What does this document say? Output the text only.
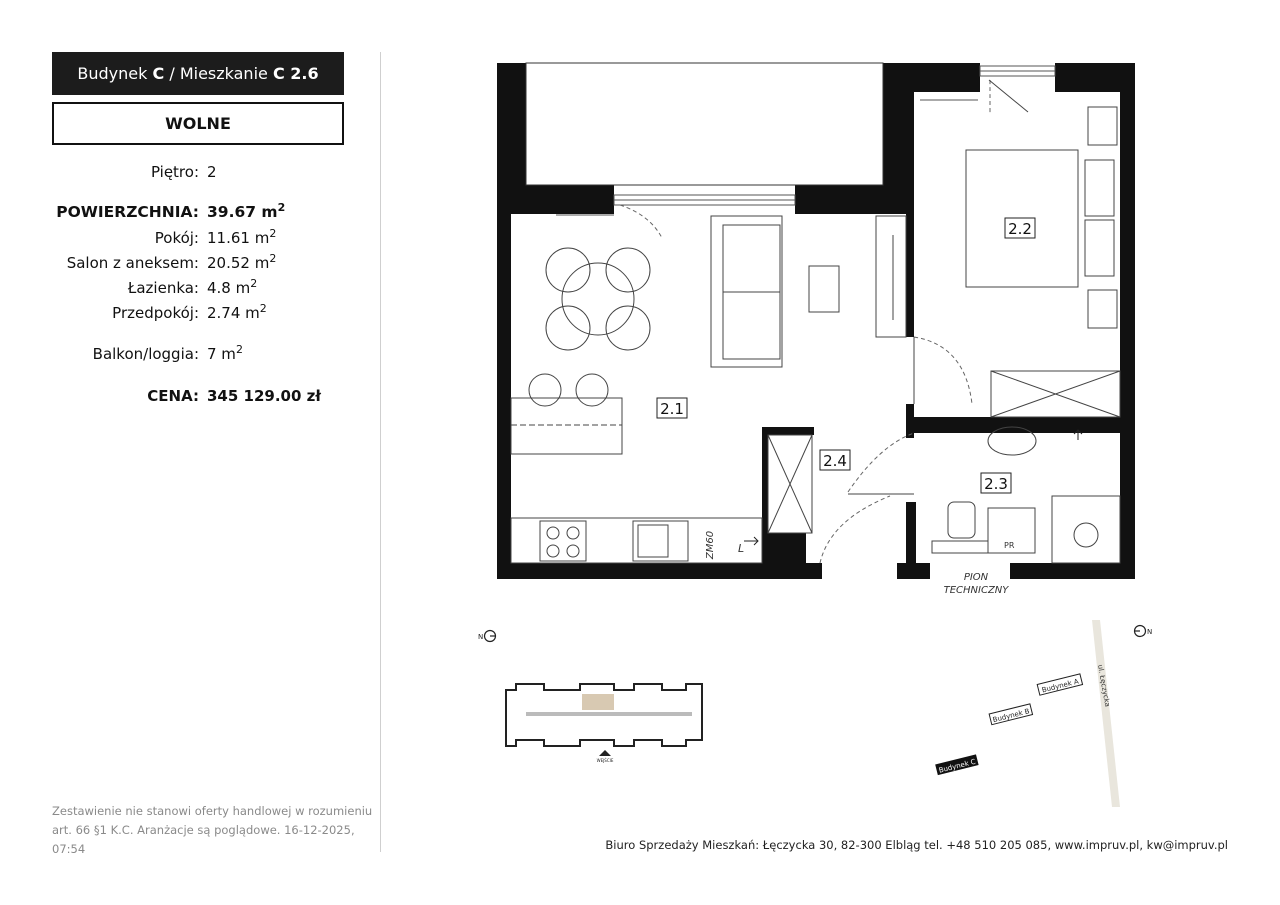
Budynek
C
/
Mieszkanie
C 2.6
WOLNE
Piętro: 2
POWIERZCHNIA: 39.67 $m^2$
Pokój: 11.61 $m^2$
Salon z aneksem: 20.52 $m^2$
Łazienka: 4.8 $m^2$
Przedpokój: 2.74 $m^2$
Balkon/loggia: 7 $m^2$
CENA: 345 129.00 zł
Zestawienie nie stanowi oferty handlowej w rozumieniu art. 66 §1 K.C. Aranżacje są poglądowe. 16-12-2025, 07:54	Biuro Sprzedaży Mieszkań: Łęczycka 30, 82-300 Elbląg tel. +48 510 205 085, www.impruv.pl, kw@impruv.pl
2.1
2.2
2.3
2.4
ZM60 L	PR
PION
TECHNICZNY
N
N
WEJŚCIE
ul. Łęczycka
Budynek A
Budynek B
Budynek C
